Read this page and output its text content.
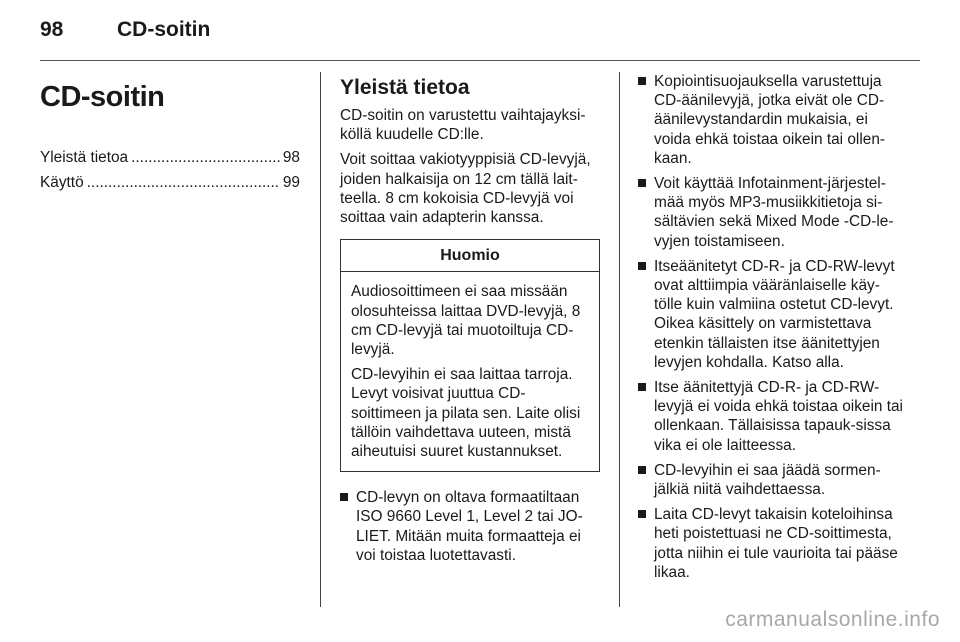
98	CD-soitin
CD-soitin
Yleistä tietoa .....	98
Käyttö .....	99
Yleistä tietoa

CD-soitin on varustettu vaihtajayksi-köllä kuudelle CD:lle.

Voit soittaa vakiotyyppisiä CD-levyjä, joiden halkaisija on 12 cm tällä lait-teella. 8 cm kokoisia CD-levyjä voi soittaa vain adapterin kanssa.

Huomio

Audiosoittimeen ei saa missään olosuhteissa laittaa DVD-levyjä, 8 cm CD-levyjä tai muotoiltuja CD-levyjä.

CD-levyihin ei saa laittaa tarroja. Levyt voisivat juuttua CD-soittimeen ja pilata sen. Laite olisi tällöin vaihdettava uuteen, mistä aiheutuisi suuret kustannukset.

CD-levyn on oltava formaatiltaan ISO 9660 Level 1, Level 2 tai JO-LIET. Mitään muita formaatteja ei voi toistaa luotettavasti.
Kopiointisuojauksella varustettuja CD-äänilevyjä, jotka eivät ole CD-äänilevystandardin mukaisia, ei voida ehkä toistaa oikein tai ollen-kaan.
Voit käyttää Infotainment-järjestel-mää myös MP3-musiikkitietoja si-sältävien sekä Mixed Mode -CD-le-vyjen toistamiseen.
Itseäänitetyt CD-R- ja CD-RW-levyt ovat alttiimpia vääränlaiselle käy-tölle kuin valmiina ostetut CD-levyt. Oikea käsittely on varmistettava etenkin tällaisten itse äänitettyjen levyjen kohdalla. Katso alla.
Itse äänitettyjä CD-R- ja CD-RW-levyjä ei voida ehkä toistaa oikein tai ollenkaan. Tällaisissa tapauk-sissa vika ei ole laitteessa.
CD-levyihin ei saa jäädä sormen-jälkiä niitä vaihdettaessa.
Laita CD-levyt takaisin koteloihinsa heti poistettuasi ne CD-soittimesta, jotta niihin ei tule vaurioita tai pääse likaa.
carmanualsonline.info
